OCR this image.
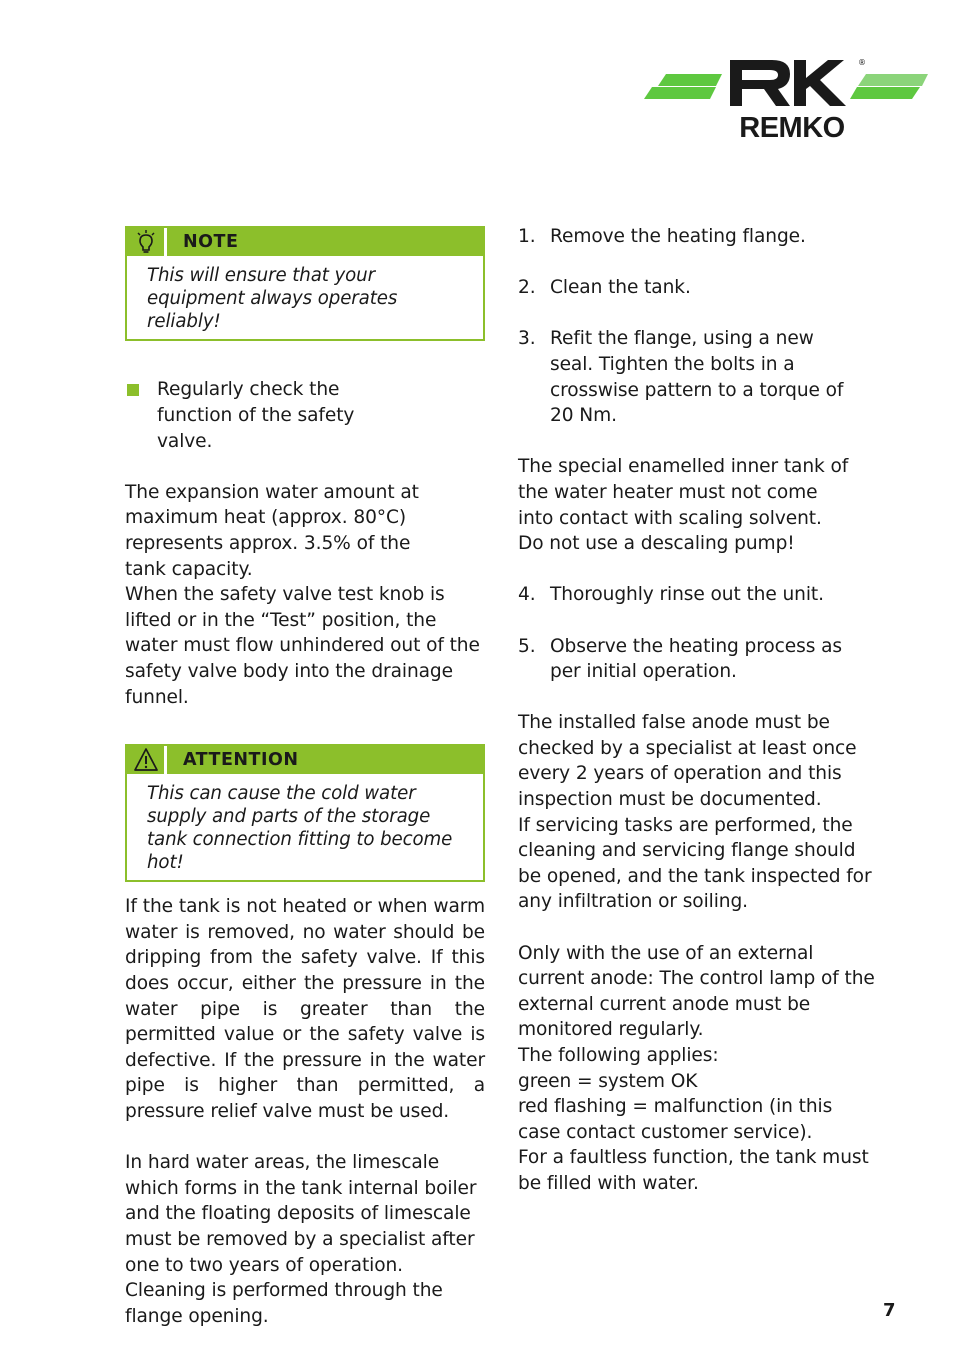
REMKO
®
NOTE
This will ensure that your equipment always operates reliably!

Regularly check the function of the safety valve.

The expansion water amount at maximum heat (approx. 80°C) represents approx. 3.5% of the tank capacity.

When the safety valve test knob is lifted or in the “Test” position, the water must flow unhindered out of the safety valve body into the drainage funnel.

ATTENTION
This can cause the cold water supply and parts of the storage tank connection fitting to become hot!

If the tank is not heated or when warm water is removed, no water should be dripping from the safety valve. If this does occur, either the pressure in the water pipe is greater than the permitted value or the safety valve is defective. If the pressure in the water pipe is higher than permitted, a pressure relief valve must be used.

In hard water areas, the limescale which forms in the tank internal boiler and the floating deposits of limescale must be removed by a specialist after one to two years of operation. Cleaning is performed through the flange opening.

1. Remove the heating flange.

2. Clean the tank.

3. Refit the flange, using a new seal. Tighten the bolts in a crosswise pattern to a torque of 20 Nm.

The special enamelled inner tank of the water heater must not come into contact with scaling solvent.

Do not use a descaling pump!

4. Thoroughly rinse out the unit.

5. Observe the heating process as per initial operation.

The installed false anode must be checked by a specialist at least once every 2 years of operation and this inspection must be documented.

If servicing tasks are performed, the cleaning and servicing flange should be opened, and the tank inspected for any infiltration or soiling.

Only with the use of an external current anode: The control lamp of the external current anode must be monitored regularly.

The following applies:

green = system OK

red flashing = malfunction (in this case contact customer service).

For a faultless function, the tank must be filled with water.

7
